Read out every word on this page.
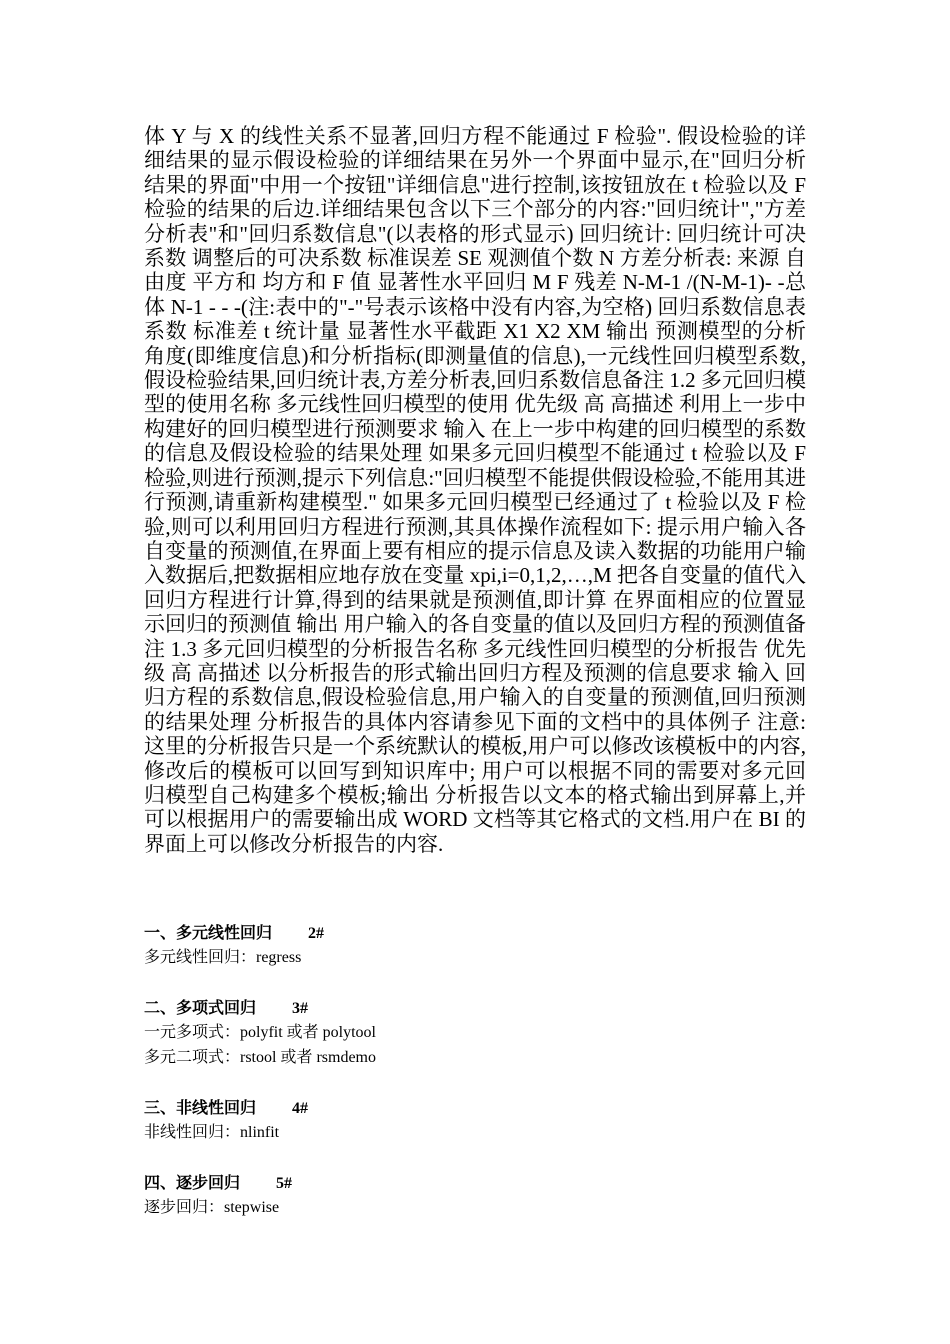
体 Y 与 X 的线性关系不显著,回归方程不能通过 F 检验". 假设检验的详细结果的显示假设检验的详细结果在另外一个界面中显示,在"回归分析结果的界面"中用一个按钮"详细信息"进行控制,该按钮放在 t 检验以及 F 检验的结果的后边.详细结果包含以下三个部分的内容:"回归统计","方差分析表"和"回归系数信息"(以表格的形式显示) 回归统计: 回归统计可决系数 调整后的可决系数 标准误差 SE 观测值个数 N 方差分析表: 来源 自由度 平方和 均方和 F 值 显著性水平回归 M F 残差 N-M-1 /(N-M-1)- -总体 N-1 - - -(注:表中的"-"号表示该格中没有内容,为空格) 回归系数信息表 系数 标准差 t 统计量 显著性水平截距 X1 X2 XM 输出 预测模型的分析角度(即维度信息)和分析指标(即测量值的信息),一元线性回归模型系数,假设检验结果,回归统计表,方差分析表,回归系数信息备注 1.2 多元回归模型的使用名称 多元线性回归模型的使用 优先级 高 高描述 利用上一步中构建好的回归模型进行预测要求 输入 在上一步中构建的回归模型的系数的信息及假设检验的结果处理 如果多元回归模型不能通过 t 检验以及 F 检验,则进行预测,提示下列信息:"回归模型不能提供假设检验,不能用其进行预测,请重新构建模型." 如果多元回归模型已经通过了 t 检验以及 F 检验,则可以利用回归方程进行预测,其具体操作流程如下: 提示用户输入各自变量的预测值,在界面上要有相应的提示信息及读入数据的功能用户输入数据后,把数据相应地存放在变量 xpi,i=0,1,2,…,M 把各自变量的值代入回归方程进行计算,得到的结果就是预测值,即计算 在界面相应的位置显示回归的预测值 输出 用户输入的各自变量的值以及回归方程的预测值备注 1.3 多元回归模型的分析报告名称 多元线性回归模型的分析报告 优先级 高 高描述 以分析报告的形式输出回归方程及预测的信息要求 输入 回归方程的系数信息,假设检验信息,用户输入的自变量的预测值,回归预测的结果处理 分析报告的具体内容请参见下面的文档中的具体例子 注意: 这里的分析报告只是一个系统默认的模板,用户可以修改该模板中的内容,修改后的模板可以回写到知识库中; 用户可以根据不同的需要对多元回归模型自己构建多个模板;输出 分析报告以文本的格式输出到屏幕上,并可以根据用户的需要输出成 WORD 文档等其它格式的文档.用户在 BI 的界面上可以修改分析报告的内容.

一、多元线性回归 2#
多元线性回归：regress
二、多项式回归 3#
一元多项式：polyfit 或者 polytool
多元二项式：rstool 或者 rsmdemo
三、非线性回归 4#
非线性回归：nlinfit
四、逐步回归 5#
逐步回归：stepwise
